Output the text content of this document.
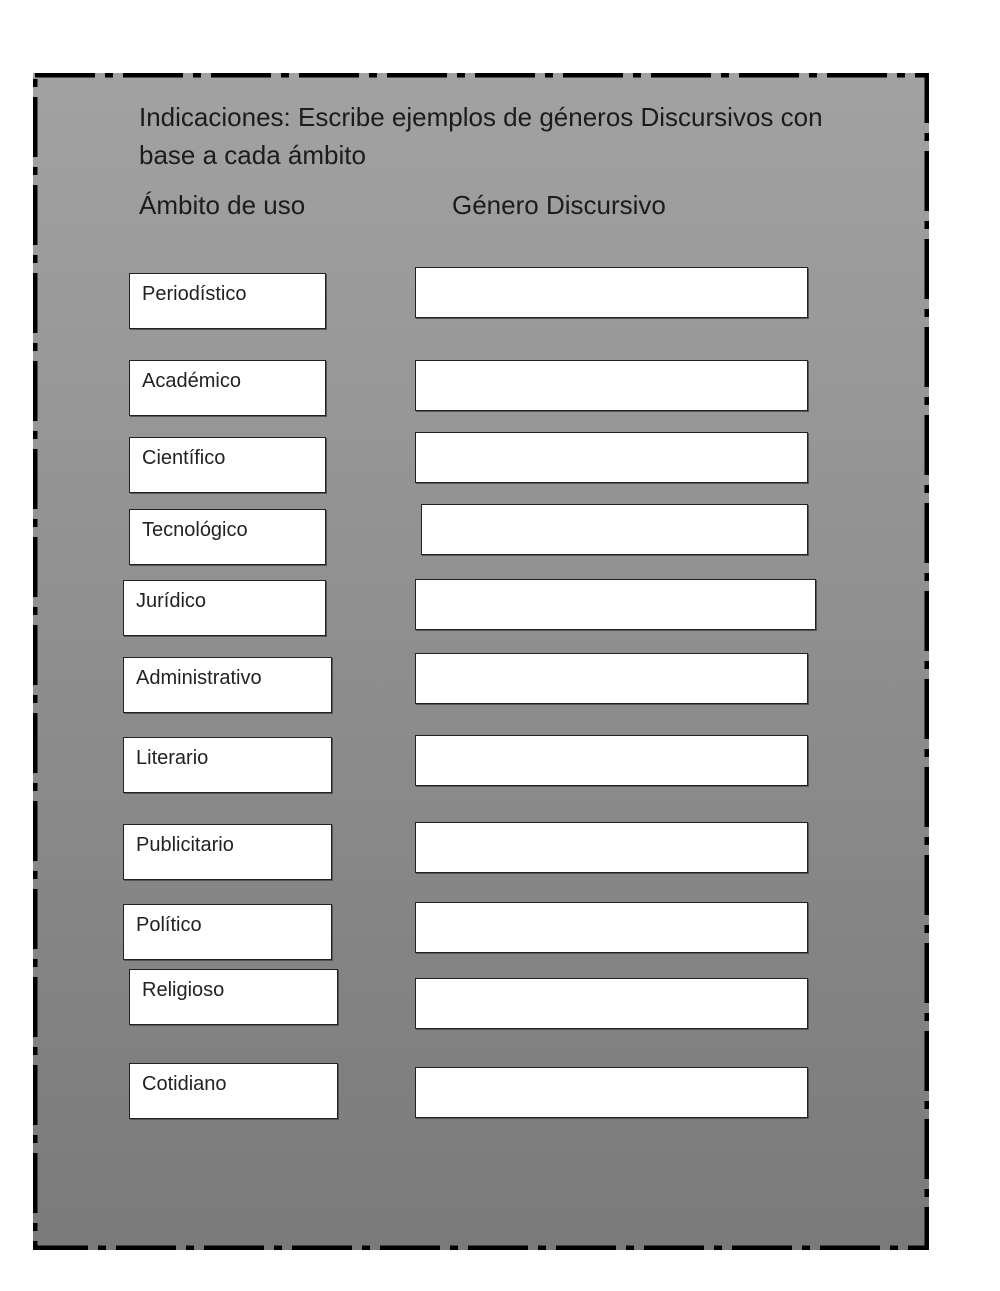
Indicaciones: Escribe ejemplos de géneros Discursivos con base a cada ámbito

Ámbito de uso	Género Discursivo
Periodístico
Académico
Científico
Tecnológico
Jurídico
Administrativo
Literario
Publicitario
Político
Religioso
Cotidiano
